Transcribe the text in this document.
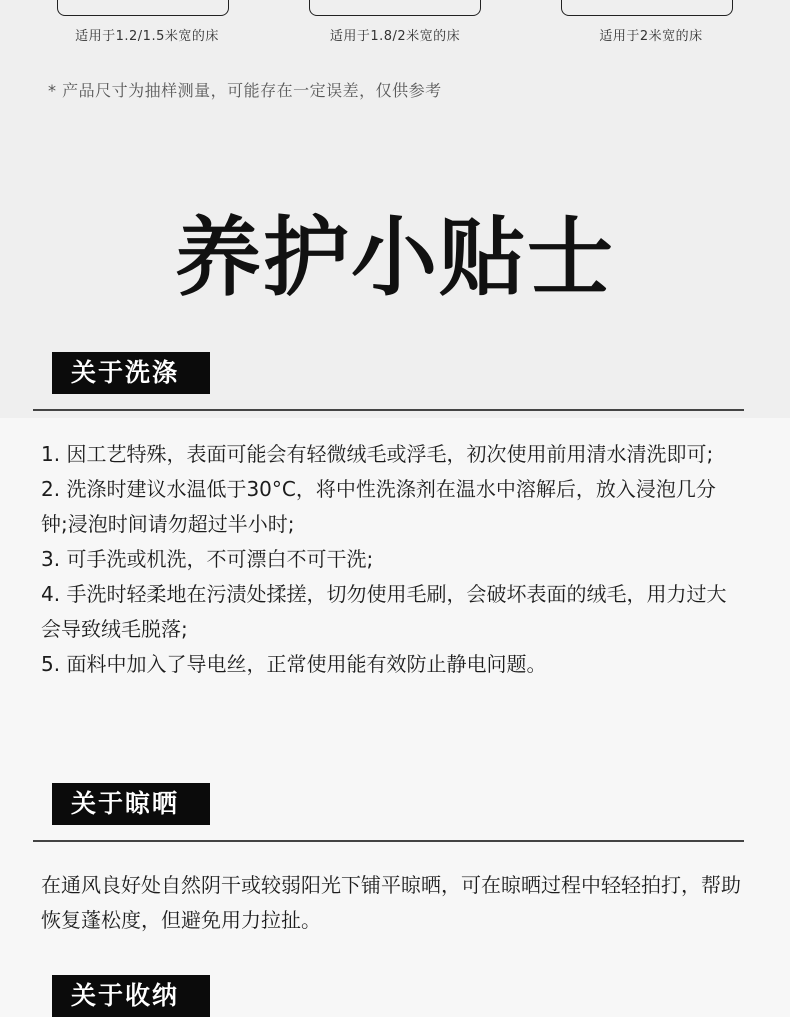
适用于1.2/1.5米宽的床	适用于1.8/2米宽的床	适用于2米宽的床
* 产品尺寸为抽样测量，可能存在一定误差，仅供参考
养护小贴士
关于洗涤

1. 因工艺特殊，表面可能会有轻微绒毛或浮毛，初次使用前用清水清洗即可;

2. 洗涤时建议水温低于30°C，将中性洗涤剂在温水中溶解后，放入浸泡几分钟;浸泡时间请勿超过半小时;

3. 可手洗或机洗，不可漂白不可干洗;

4. 手洗时轻柔地在污渍处揉搓，切勿使用毛刷，会破坏表面的绒毛，用力过大会导致绒毛脱落;

5. 面料中加入了导电丝，正常使用能有效防止静电问题。

关于晾晒

在通风良好处自然阴干或较弱阳光下铺平晾晒，可在晾晒过程中轻轻拍打，帮助恢复蓬松度，但避免用力拉扯。

关于收纳
